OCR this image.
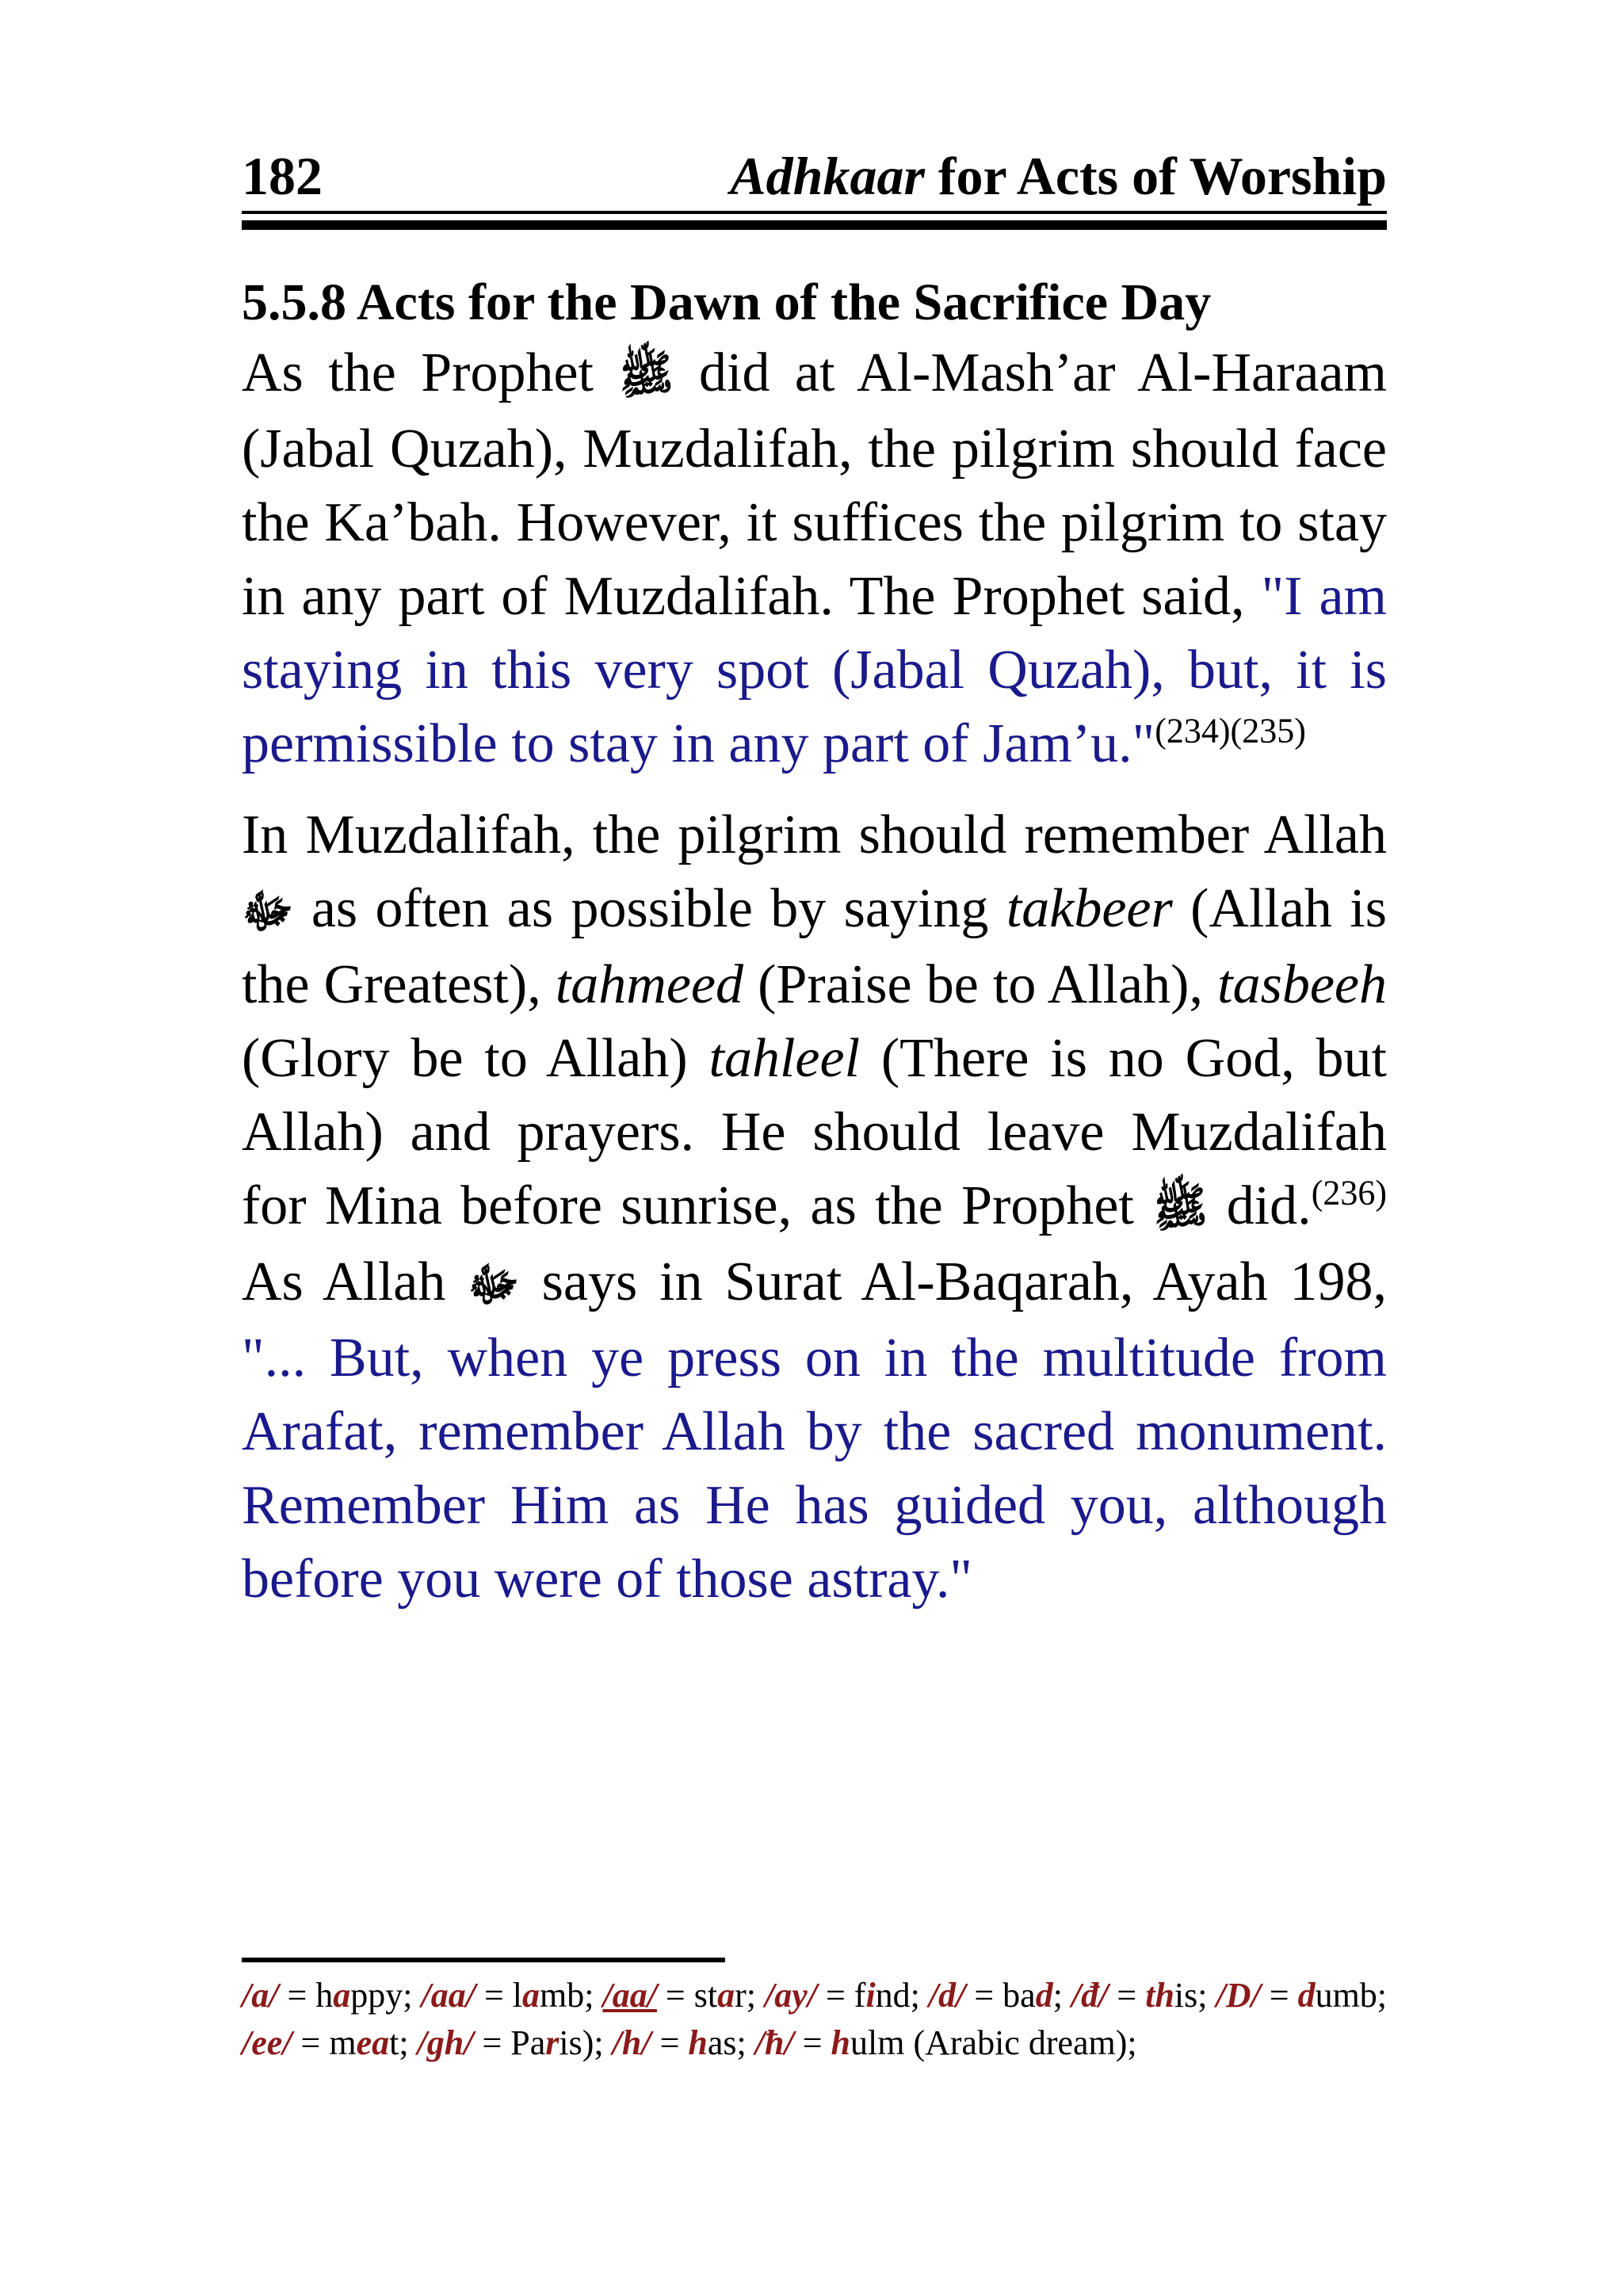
182	Adhkaar for Acts of Worship
5.5.8 Acts for the Dawn of the Sacrifice Day

As the Prophet ﷺ did at Al-Mash’ar Al-Haraam (Jabal Quzah), Muzdalifah, the pilgrim should face the Ka’bah. However, it suffices the pilgrim to stay in any part of Muzdalifah. The Prophet said, "I am staying in this very spot (Jabal Quzah), but, it is permissible to stay in any part of Jam’u."$^{(234)(235)}$

In Muzdalifah, the pilgrim should remember Allah ﷻ as often as possible by saying takbeer (Allah is the Greatest), tahmeed (Praise be to Allah), tasbeeh (Glory be to Allah) tahleel (There is no God, but Allah) and prayers. He should leave Muzdalifah for Mina before sunrise, as the Prophet ﷺ did.$^{(236)}$ As Allah ﷻ says in Surat Al-Baqarah, Ayah 198, "... But, when ye press on in the multitude from Arafat, remember Allah by the sacred monument. Remember Him as He has guided you, although before you were of those astray."

/a/ = happy; /aa/ = lamb; /aa/ = star; /ay/ = find; /d/ = bad; /đ/ = this; /D/ = dumb; /ee/ = meat; /gh/ = Paris); /h/ = has; /ħ/ = hulm (Arabic dream);
